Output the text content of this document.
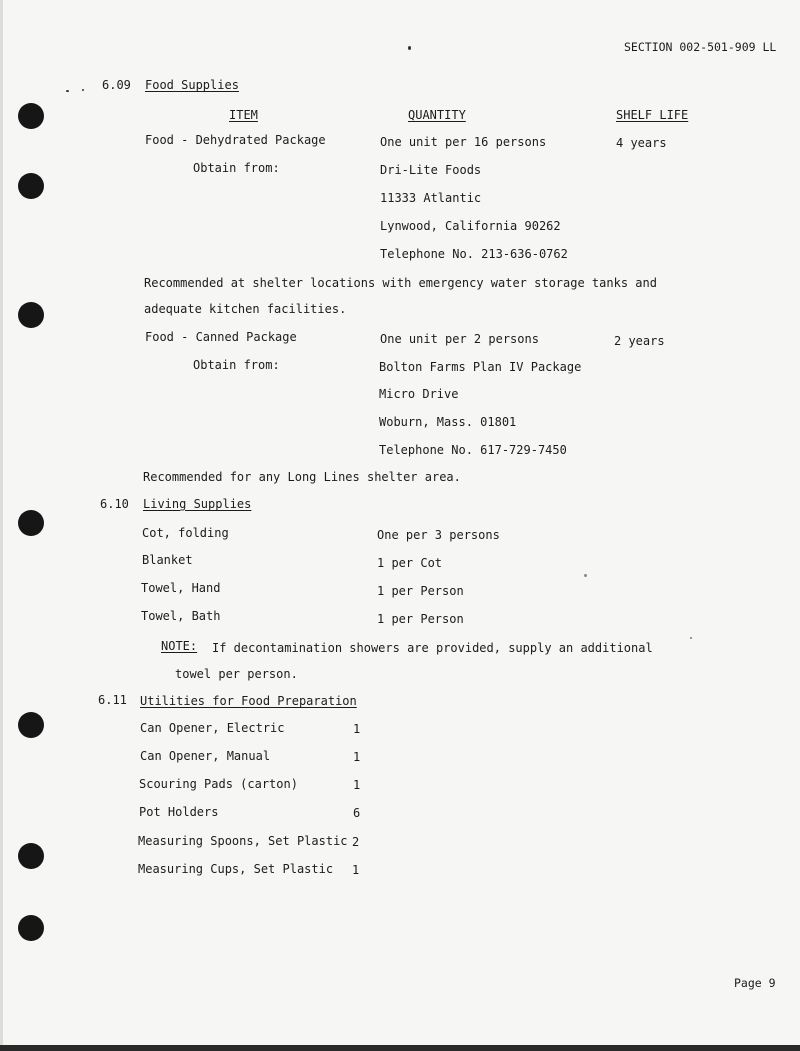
SECTION 002-501-909 LL
6.09 Food Supplies
ITEM	QUANTITY	SHELF LIFE
Food - Dehydrated Package	One unit per 16 persons	4 years
Obtain from:	Dri-Lite Foods
11333 Atlantic
Lynwood, California 90262
Telephone No. 213-636-0762
Recommended at shelter locations with emergency water storage tanks and
adequate kitchen facilities.
Food - Canned Package	One unit per 2 persons	2 years
Obtain from:	Bolton Farms Plan IV Package
Micro Drive
Woburn, Mass. 01801
Telephone No. 617-729-7450
Recommended for any Long Lines shelter area.
6.10 Living Supplies
Cot, folding	One per 3 persons
Blanket	1 per Cot
Towel, Hand	1 per Person
Towel, Bath	1 per Person
NOTE: If decontamination showers are provided, supply an additional
towel per person.
6.11 Utilities for Food Preparation
Can Opener, Electric	1
Can Opener, Manual	1
Scouring Pads (carton)	1
Pot Holders	6
Measuring Spoons, Set Plastic 2
Measuring Cups, Set Plastic 1
Page 9
